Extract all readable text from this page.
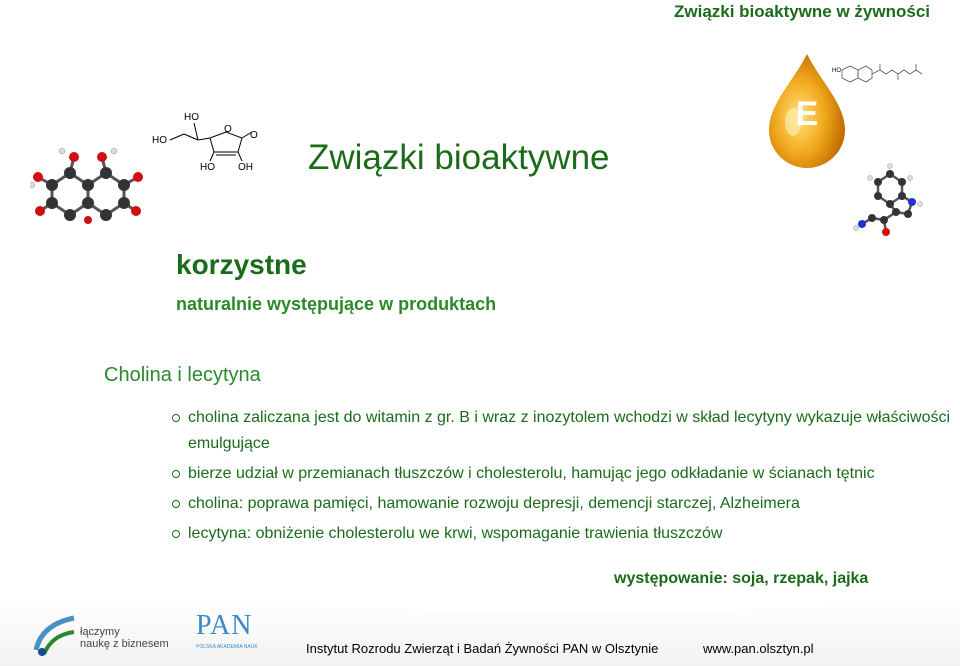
Związki bioaktywne w żywności
HO
HO
O
O
HO OH Związki bioaktywne
E
HO
korzystne
naturalnie występujące w produktach
Cholina i lecytyna
cholina zaliczana jest do witamin z gr. B i wraz z inozytolem wchodzi w skład lecytyny wykazuje właściwości emulgujące
bierze udział w przemianach tłuszczów i cholesterolu, hamując jego odkładanie w ścianach tętnic
cholina: poprawa pamięci, hamowanie rozwoju depresji, demencji starczej, Alzheimera
lecytyna: obniżenie cholesterolu we krwi, wspomaganie trawienia tłuszczów
występowanie: soja, rzepak, jajka
łączymy
naukę z biznesem
PAN
POLSKA AKADEMIA NAUK	Instytut Rozrodu Zwierząt i Badań Żywności PAN w Olsztynie	www.pan.olsztyn.pl
